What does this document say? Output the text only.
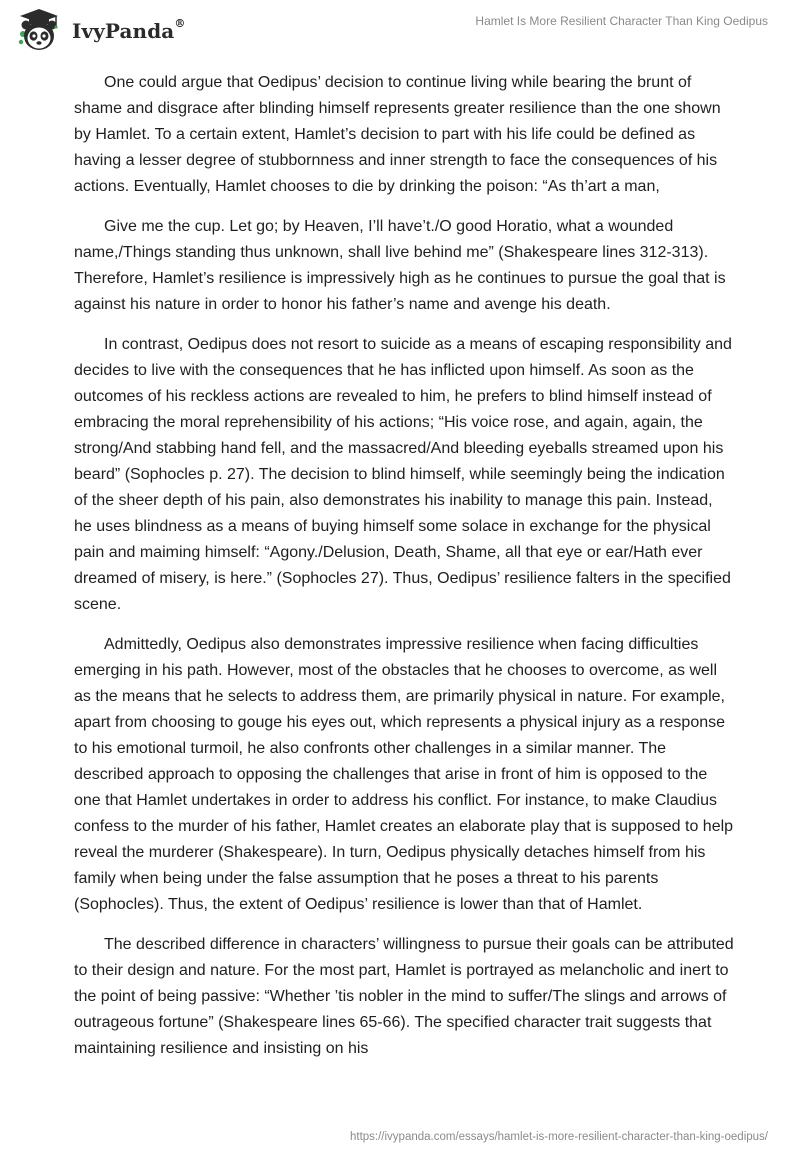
IvyPanda®	Hamlet Is More Resilient Character Than King Oedipus

One could argue that Oedipus’ decision to continue living while bearing the brunt of shame and disgrace after blinding himself represents greater resilience than the one shown by Hamlet. To a certain extent, Hamlet’s decision to part with his life could be defined as having a lesser degree of stubbornness and inner strength to face the consequences of his actions. Eventually, Hamlet chooses to die by drinking the poison: “As th’art a man,

Give me the cup. Let go; by Heaven, I’ll have’t./O good Horatio, what a wounded name,/Things standing thus unknown, shall live behind me” (Shakespeare lines 312-313). Therefore, Hamlet’s resilience is impressively high as he continues to pursue the goal that is against his nature in order to honor his father’s name and avenge his death.

In contrast, Oedipus does not resort to suicide as a means of escaping responsibility and decides to live with the consequences that he has inflicted upon himself. As soon as the outcomes of his reckless actions are revealed to him, he prefers to blind himself instead of embracing the moral reprehensibility of his actions; “His voice rose, and again, again, the strong/And stabbing hand fell, and the massacred/And bleeding eyeballs streamed upon his beard” (Sophocles p. 27). The decision to blind himself, while seemingly being the indication of the sheer depth of his pain, also demonstrates his inability to manage this pain. Instead, he uses blindness as a means of buying himself some solace in exchange for the physical pain and maiming himself: “Agony./Delusion, Death, Shame, all that eye or ear/Hath ever dreamed of misery, is here.” (Sophocles 27). Thus, Oedipus’ resilience falters in the specified scene.

Admittedly, Oedipus also demonstrates impressive resilience when facing difficulties emerging in his path. However, most of the obstacles that he chooses to overcome, as well as the means that he selects to address them, are primarily physical in nature. For example, apart from choosing to gouge his eyes out, which represents a physical injury as a response to his emotional turmoil, he also confronts other challenges in a similar manner. The described approach to opposing the challenges that arise in front of him is opposed to the one that Hamlet undertakes in order to address his conflict. For instance, to make Claudius confess to the murder of his father, Hamlet creates an elaborate play that is supposed to help reveal the murderer (Shakespeare). In turn, Oedipus physically detaches himself from his family when being under the false assumption that he poses a threat to his parents (Sophocles). Thus, the extent of Oedipus’ resilience is lower than that of Hamlet.

The described difference in characters’ willingness to pursue their goals can be attributed to their design and nature. For the most part, Hamlet is portrayed as melancholic and inert to the point of being passive: “Whether ’tis nobler in the mind to suffer/The slings and arrows of outrageous fortune” (Shakespeare lines 65-66). The specified character trait suggests that maintaining resilience and insisting on his

https://ivypanda.com/essays/hamlet-is-more-resilient-character-than-king-oedipus/
